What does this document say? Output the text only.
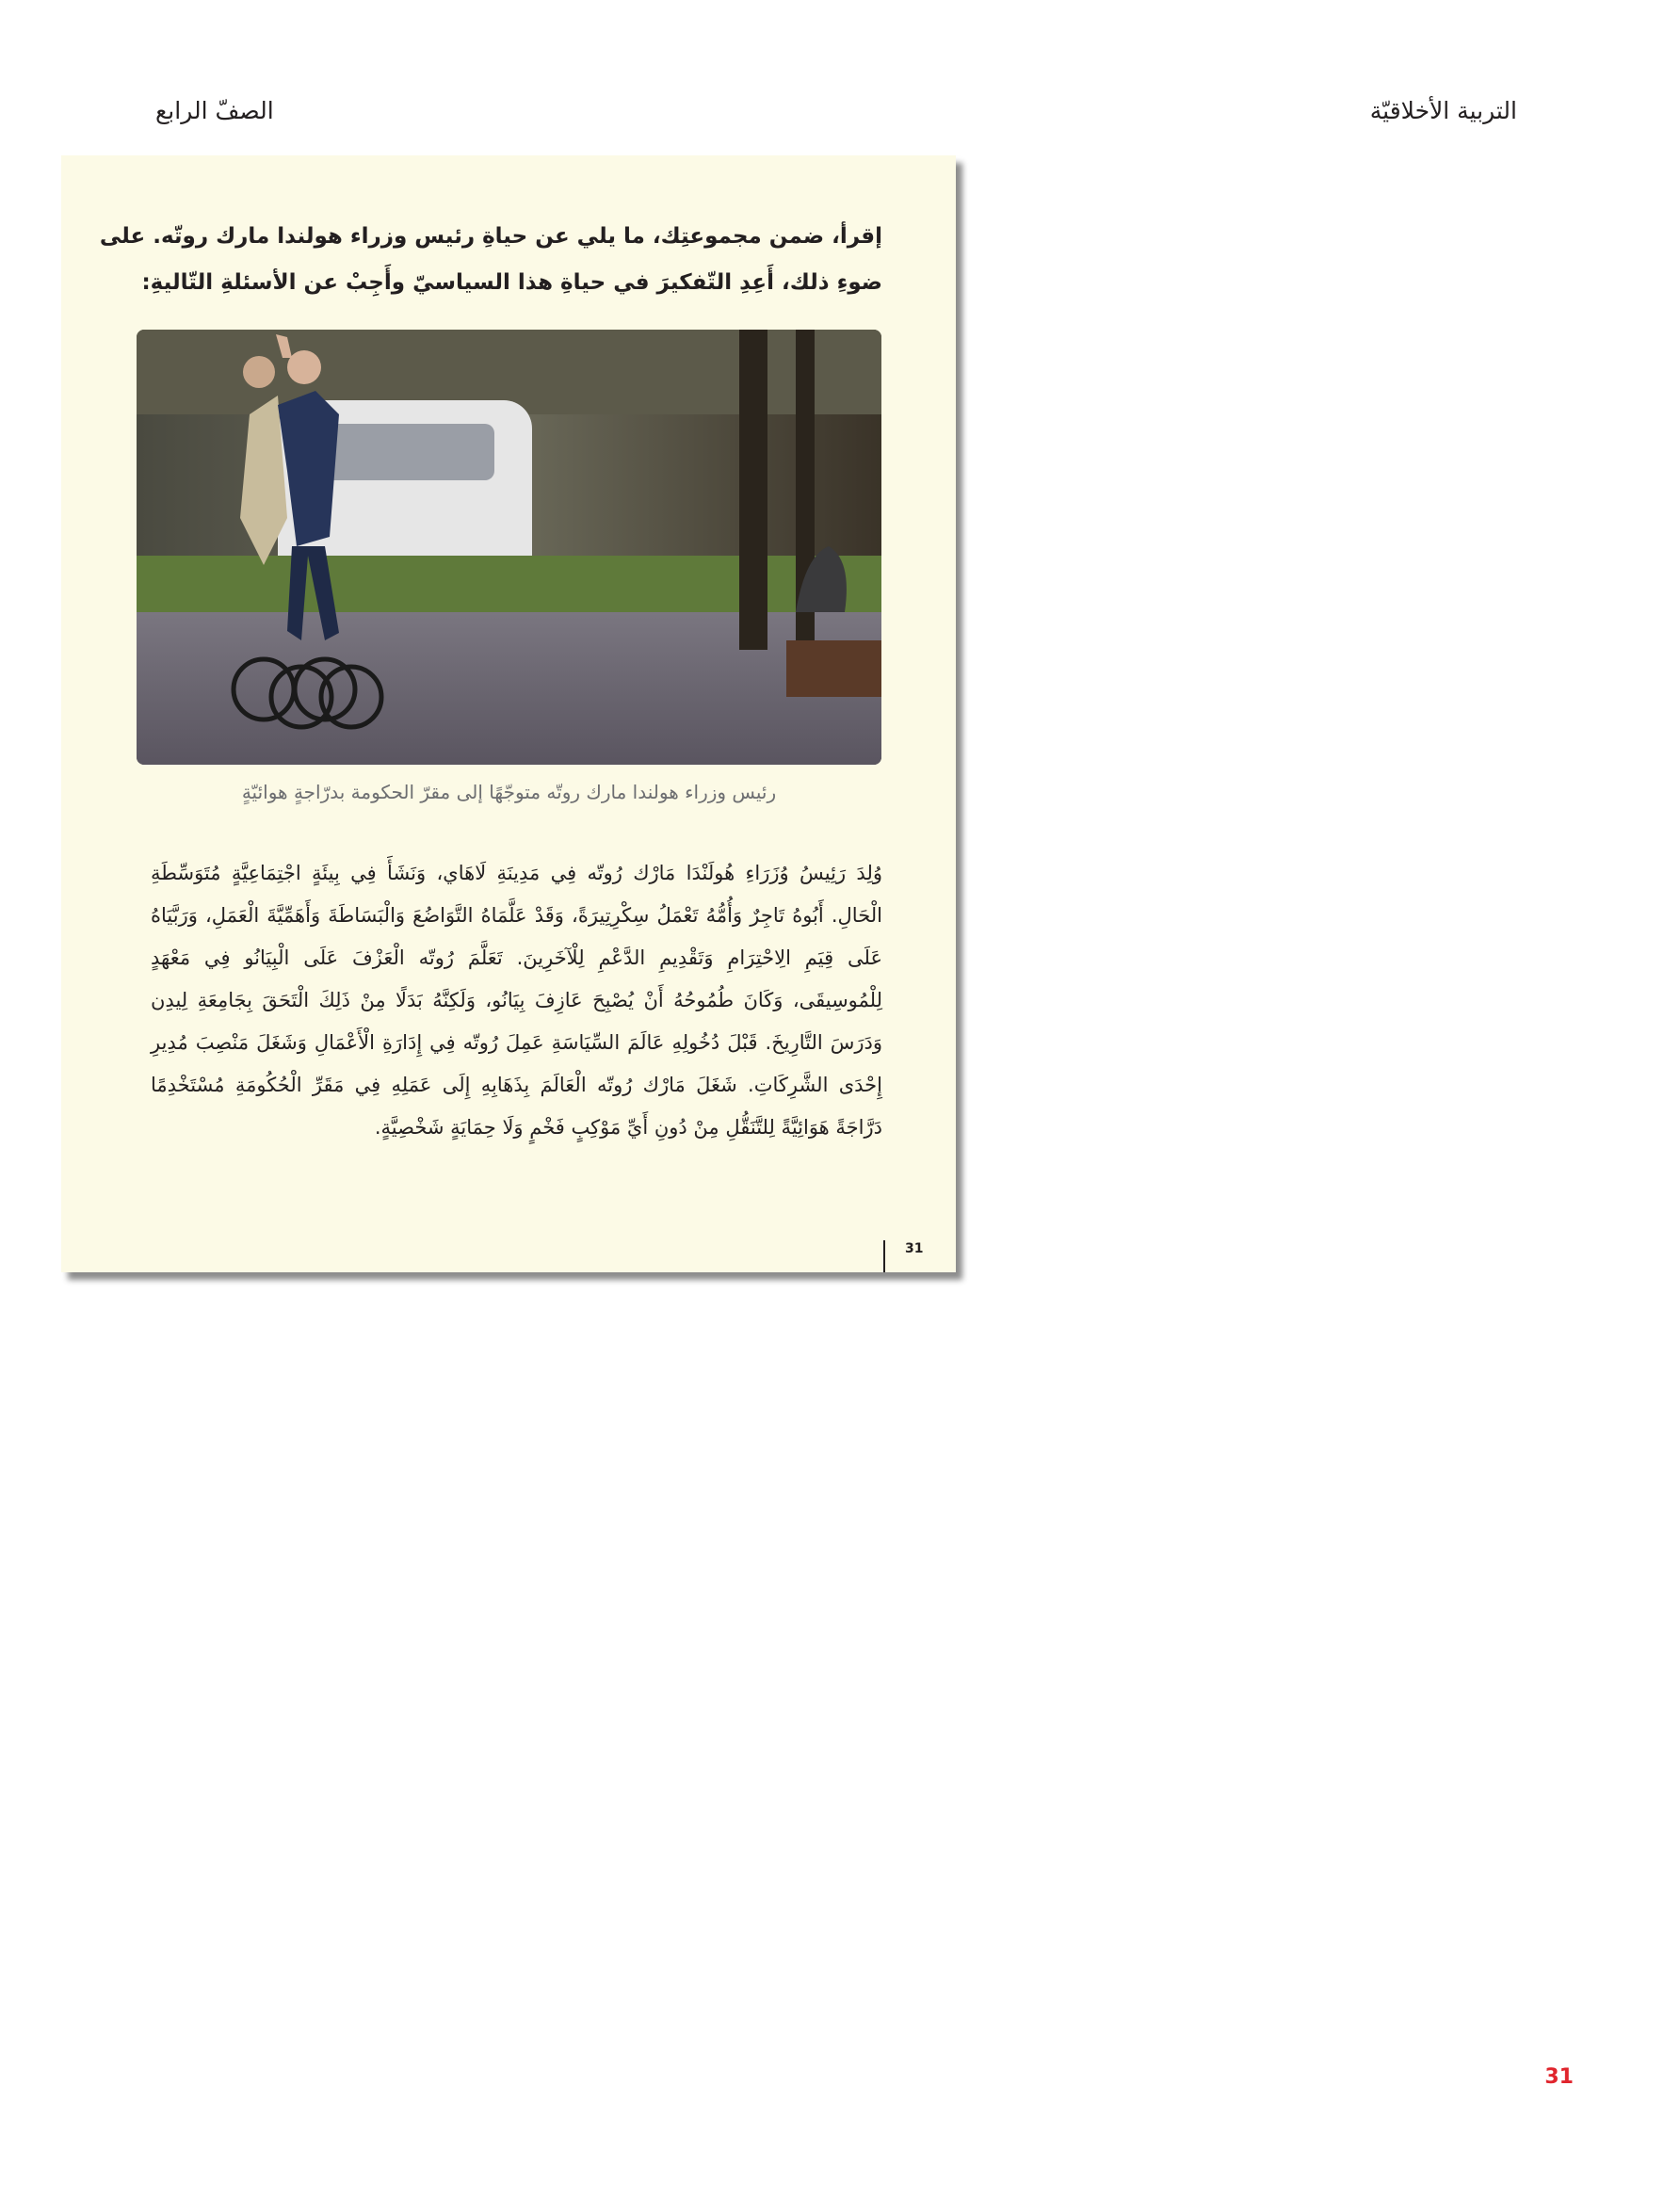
التربية الأخلاقيّة
الصفّ الرابع
إقرأ، ضمن مجموعتِك، ما يلي عن حياةِ رئيس وزراء هولندا مارك روتّه. على ضوءِ ذلك، أَعِدِ التّفكيرَ في حياةِ هذا السياسيّ وأَجِبْ عن الأسئلةِ التّاليةِ:
رئيس وزراء هولندا مارك روتّه متوجّهًا إلى مقرّ الحكومة بدرّاجةٍ هوائيّةٍ
وُلِدَ رَئِيسُ وُزَرَاءِ هُولَنْدَا مَارْك رُوتّه فِي مَدِينَةِ لَاهَاي، وَنَشَأَ فِي بِيئَةٍ اجْتِمَاعِيَّةٍ مُتَوَسِّطَةِ الْحَالِ. أَبُوهُ تَاجِرٌ وَأُمُّهُ تَعْمَلُ سِكْرِتِيرَةً، وَقَدْ عَلَّمَاهُ التَّوَاضُعَ وَالْبَسَاطَةَ وَأَهَمِّيَّةَ الْعَمَلِ، وَرَبَّيَاهُ عَلَى قِيَمِ الِاحْتِرَامِ وَتَقْدِيمِ الدَّعْمِ لِلْآخَرِينَ. تَعَلَّمَ رُوتّه الْعَزْفَ عَلَى الْبِيَانُو فِي مَعْهَدٍ لِلْمُوسِيقَى، وَكَانَ طُمُوحُهُ أَنْ يُصْبِحَ عَازِفَ بِيَانُو، وَلَكِنَّهُ بَدَلًا مِنْ ذَلِكَ الْتَحَقَ بِجَامِعَةِ لِيدِن وَدَرَسَ التَّارِيخَ. قَبْلَ دُخُولِهِ عَالَمَ السِّيَاسَةِ عَمِلَ رُوتّه فِي إِدَارَةِ الْأَعْمَالِ وَشَغَلَ مَنْصِبَ مُدِيرِ إِحْدَى الشَّرِكَاتِ. شَغَلَ مَارْك رُوتّه الْعَالَمَ بِذَهَابِهِ إِلَى عَمَلِهِ فِي مَقَرِّ الْحُكُومَةِ مُسْتَخْدِمًا دَرَّاجَةً هَوَائِيَّةً لِلتَّنَقُّلِ مِنْ دُونِ أَيِّ مَوْكِبٍ فَخْمٍ وَلَا حِمَايَةٍ شَخْصِيَّةٍ.
31
31
